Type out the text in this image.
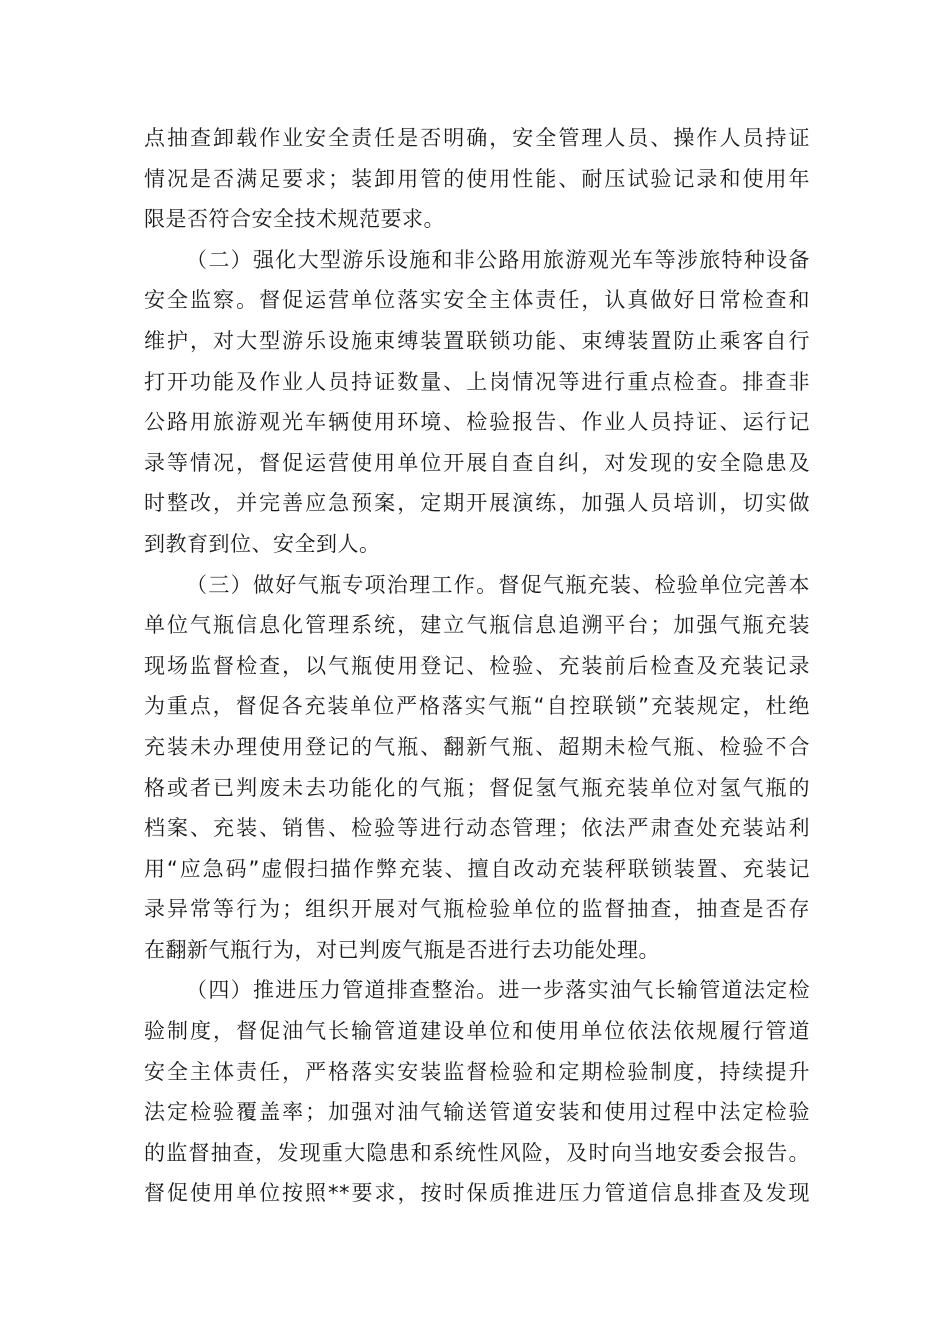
点抽查卸载作业安全责任是否明确，安全管理人员、操作人员持证
情况是否满足要求；装卸用管的使用性能、耐压试验记录和使用年
限是否符合安全技术规范要求。
（二）强化大型游乐设施和非公路用旅游观光车等涉旅特种设备
安全监察。督促运营单位落实安全主体责任，认真做好日常检查和
维护，对大型游乐设施束缚装置联锁功能、束缚装置防止乘客自行
打开功能及作业人员持证数量、上岗情况等进行重点检查。排查非
公路用旅游观光车辆使用环境、检验报告、作业人员持证、运行记
录等情况，督促运营使用单位开展自查自纠，对发现的安全隐患及
时整改，并完善应急预案，定期开展演练，加强人员培训，切实做
到教育到位、安全到人。
（三）做好气瓶专项治理工作。督促气瓶充装、检验单位完善本
单位气瓶信息化管理系统，建立气瓶信息追溯平台；加强气瓶充装
现场监督检查，以气瓶使用登记、检验、充装前后检查及充装记录
为重点，督促各充装单位严格落实气瓶“自控联锁”充装规定，杜绝
充装未办理使用登记的气瓶、翻新气瓶、超期未检气瓶、检验不合
格或者已判废未去功能化的气瓶；督促氢气瓶充装单位对氢气瓶的
档案、充装、销售、检验等进行动态管理；依法严肃查处充装站利
用“应急码”虚假扫描作弊充装、擅自改动充装秤联锁装置、充装记
录异常等行为；组织开展对气瓶检验单位的监督抽查，抽查是否存
在翻新气瓶行为，对已判废气瓶是否进行去功能处理。
（四）推进压力管道排查整治。进一步落实油气长输管道法定检
验制度，督促油气长输管道建设单位和使用单位依法依规履行管道
安全主体责任，严格落实安装监督检验和定期检验制度，持续提升
法定检验覆盖率；加强对油气输送管道安装和使用过程中法定检验
的监督抽查，发现重大隐患和系统性风险，及时向当地安委会报告。
督促使用单位按照**要求，按时保质推进压力管道信息排查及发现
